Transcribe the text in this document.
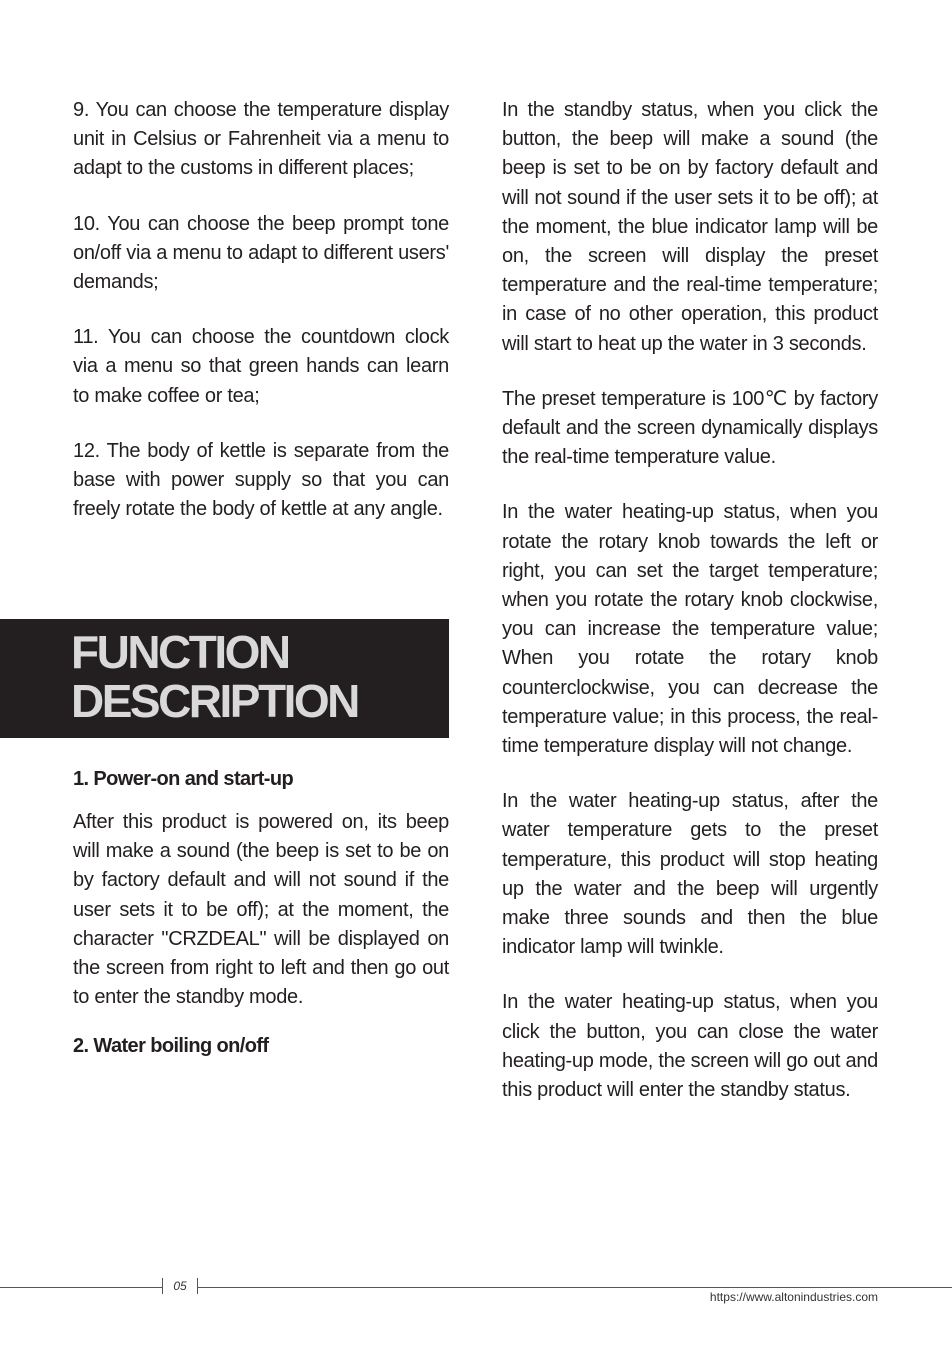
9. You can choose the temperature display unit in Celsius or Fahrenheit via a menu to adapt to the customs in different places;

10. You can choose the beep prompt tone on/off via a menu to adapt to different users' demands;

11. You can choose the countdown clock via a menu so that green hands can learn to make coffee or tea;

12. The body of kettle is separate from the base with power supply so that you can freely rotate the body of kettle at any angle.

FUNCTION
DESCRIPTION
1. Power-on and start-up

After this product is powered on, its beep will make a sound (the beep is set to be on by factory default and will not sound if the user sets it to be off); at the moment, the character "CRZDEAL" will be displayed on the screen from right to left and then go out to enter the standby mode.

2. Water boiling on/off

In the standby status, when you click the button, the beep will make a sound (the beep is set to be on by factory default and will not sound if the user sets it to be off); at the moment, the blue indicator lamp will be on, the screen will display the preset temperature and the real-time temperature; in case of no other operation, this product will start to heat up the water in 3 seconds.

The preset temperature is 100℃ by factory default and the screen dynamically displays the real-time temperature value.

In the water heating-up status, when you rotate the rotary knob towards the left or right, you can set the target temperature; when you rotate the rotary knob clockwise, you can increase the temperature value; When you rotate the rotary knob counterclockwise, you can decrease the temperature value; in this process, the real-time temperature display will not change.

In the water heating-up status, after the water temperature gets to the preset temperature, this product will stop heating up the water and the beep will urgently make three sounds and then the blue indicator lamp will twinkle.

In the water heating-up status, when you click the button, you can close the water heating-up mode, the screen will go out and this product will enter the standby status.

05
https://www.altonindustries.com
